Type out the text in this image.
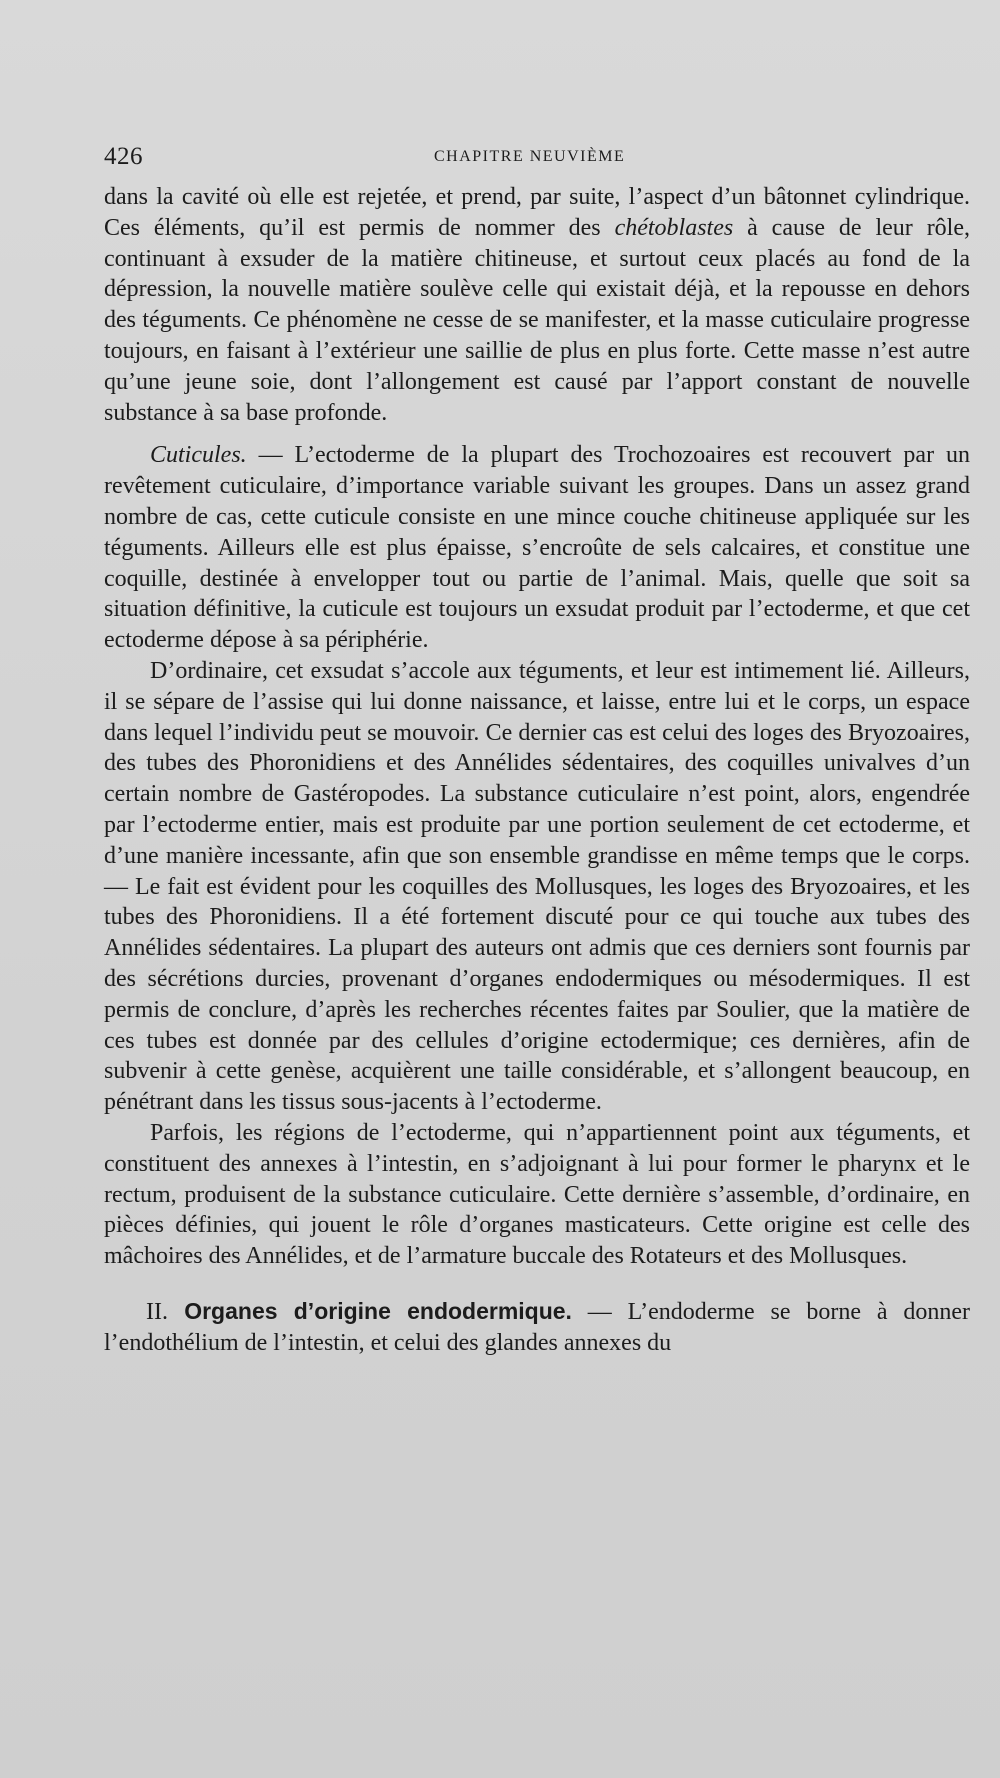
426	CHAPITRE NEUVIÈME

dans la cavité où elle est rejetée, et prend, par suite, l’aspect d’un bâtonnet cylindrique. Ces éléments, qu’il est permis de nommer des chétoblastes à cause de leur rôle, continuant à exsuder de la matière chitineuse, et surtout ceux placés au fond de la dépression, la nouvelle matière soulève celle qui existait déjà, et la repousse en dehors des téguments. Ce phénomène ne cesse de se manifester, et la masse cuticulaire progresse toujours, en faisant à l’extérieur une saillie de plus en plus forte. Cette masse n’est autre qu’une jeune soie, dont l’allongement est causé par l’apport constant de nouvelle substance à sa base profonde.

Cuticules. — L’ectoderme de la plupart des Trochozoaires est recouvert par un revêtement cuticulaire, d’importance variable suivant les groupes. Dans un assez grand nombre de cas, cette cuticule consiste en une mince couche chitineuse appliquée sur les téguments. Ailleurs elle est plus épaisse, s’encroûte de sels calcaires, et constitue une coquille, destinée à envelopper tout ou partie de l’animal. Mais, quelle que soit sa situation définitive, la cuticule est toujours un exsudat produit par l’ectoderme, et que cet ectoderme dépose à sa périphérie.

D’ordinaire, cet exsudat s’accole aux téguments, et leur est intimement lié. Ailleurs, il se sépare de l’assise qui lui donne naissance, et laisse, entre lui et le corps, un espace dans lequel l’individu peut se mouvoir. Ce dernier cas est celui des loges des Bryozoaires, des tubes des Phoronidiens et des Annélides sédentaires, des coquilles univalves d’un certain nombre de Gastéropodes. La substance cuticulaire n’est point, alors, engendrée par l’ectoderme entier, mais est produite par une portion seulement de cet ectoderme, et d’une manière incessante, afin que son ensemble grandisse en même temps que le corps. — Le fait est évident pour les coquilles des Mollusques, les loges des Bryozoaires, et les tubes des Phoronidiens. Il a été fortement discuté pour ce qui touche aux tubes des Annélides sédentaires. La plupart des auteurs ont admis que ces derniers sont fournis par des sécrétions durcies, provenant d’organes endodermiques ou mésodermiques. Il est permis de conclure, d’après les recherches récentes faites par Soulier, que la matière de ces tubes est donnée par des cellules d’origine ectodermique; ces dernières, afin de subvenir à cette genèse, acquièrent une taille considérable, et s’allongent beaucoup, en pénétrant dans les tissus sous-jacents à l’ectoderme.

Parfois, les régions de l’ectoderme, qui n’appartiennent point aux téguments, et constituent des annexes à l’intestin, en s’adjoignant à lui pour former le pharynx et le rectum, produisent de la substance cuticulaire. Cette dernière s’assemble, d’ordinaire, en pièces définies, qui jouent le rôle d’organes masticateurs. Cette origine est celle des mâchoires des Annélides, et de l’armature buccale des Rotateurs et des Mollusques.

II. Organes d’origine endodermique. — L’endoderme se borne à donner l’endothélium de l’intestin, et celui des glandes annexes du
